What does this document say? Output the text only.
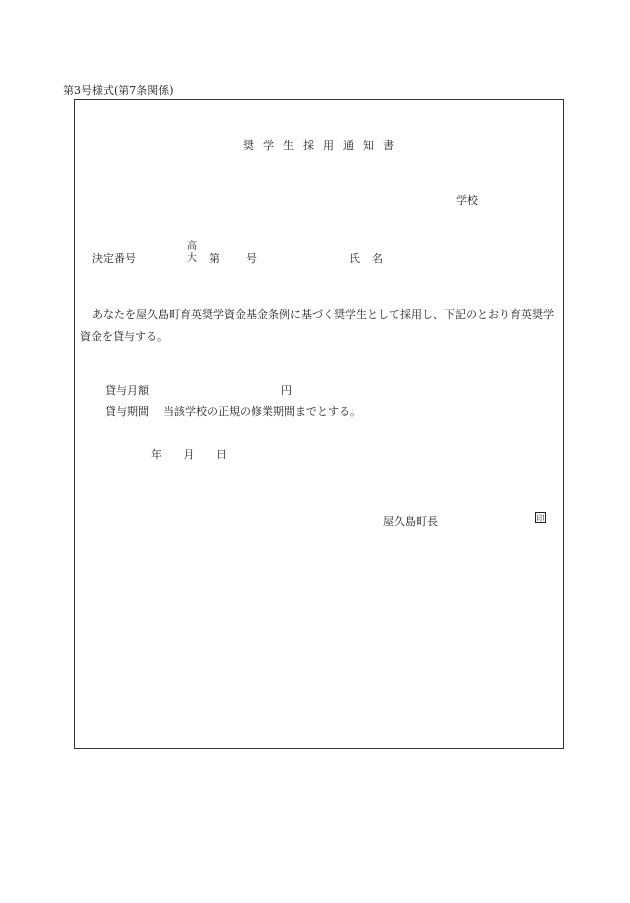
第3号様式(第7条関係)
奨学生採用通知書
学校
決定番号
高
大 第 号	氏名
あなたを屋久島町育英奨学資金基金条例に基づく奨学生として採用し、下記のとおり育英奨学資金を貸与する。
貸与月額	円
貸与期間 当該学校の正規の修業期間までとする。
年 月 日
屋久島町長	印
